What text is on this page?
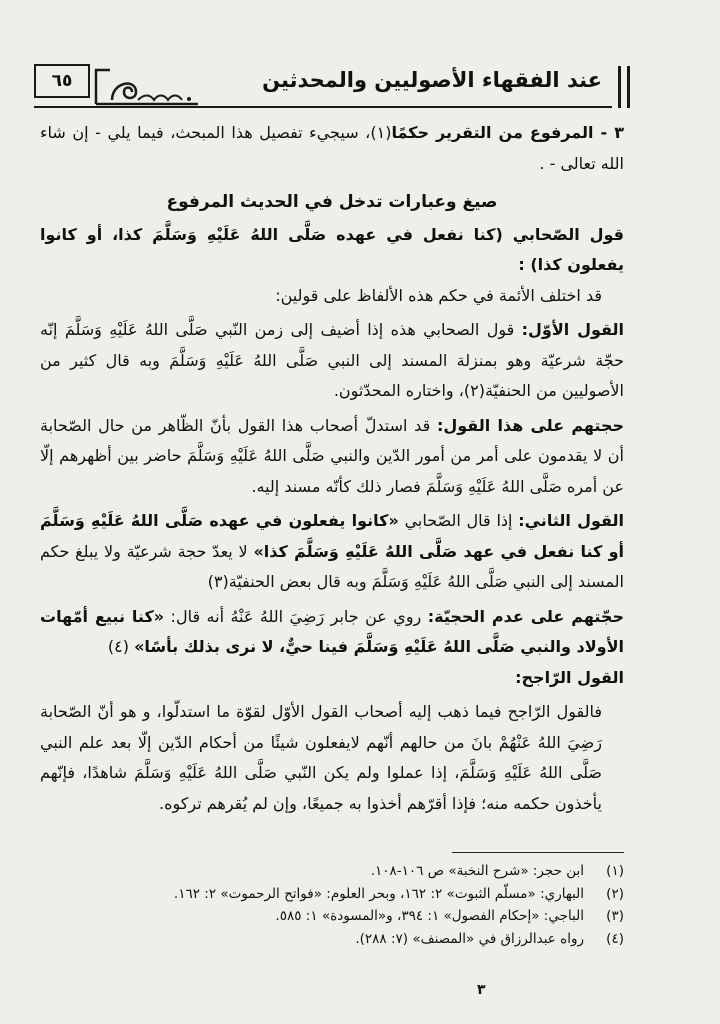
٦٥	عند الفقهاء الأصوليين والمحدثين

٣ - المرفوع من التقرير حكمًا(١)، سيجيء تفصيل هذا المبحث، فيما يلي - إن شاء الله تعالى - .

صيغ وعبارات تدخل في الحديث المرفوع

قول الصّحابي (كنا نفعل في عهده صَلَّى اللهُ عَلَيْهِ وَسَلَّمَ كذا، أو كانوا يفعلون كذا) :

قد اختلف الأئمة في حكم هذه الألفاظ على قولين:

القول الأوّل: قول الصحابي هذه إذا أضيف إلى زمن النّبي صَلَّى اللهُ عَلَيْهِ وَسَلَّمَ إنّه حجّة شرعيّة وهو بمنزلة المسند إلى النبي صَلَّى اللهُ عَلَيْهِ وَسَلَّمَ وبه قال كثير من الأصوليين من الحنفيّة(٢)، واختاره المحدّثون.

حجتهم على هذا القول: قد استدلّ أصحاب هذا القول بأنّ الظّاهر من حال الصّحابة أن لا يقدمون على أمر من أمور الدّين والنبي صَلَّى اللهُ عَلَيْهِ وَسَلَّمَ حاضر بين أظهرهم إلّا عن أمره صَلَّى اللهُ عَلَيْهِ وَسَلَّمَ فصار ذلك كأنّه مسند إليه.

القول الثاني: إذا قال الصّحابي «كانوا يفعلون في عهده صَلَّى اللهُ عَلَيْهِ وَسَلَّمَ أو كنا نفعل في عهد صَلَّى اللهُ عَلَيْهِ وَسَلَّمَ كذا» لا يعدّ حجة شرعيّة ولا يبلغ حكم المسند إلى النبي صَلَّى اللهُ عَلَيْهِ وَسَلَّمَ وبه قال بعض الحنفيّة(٣)

حجّتهم على عدم الحجيّة: روي عن جابر رَضِيَ اللهُ عَنْهُ أنه قال: «كنا نبيع أمّهات الأولاد والنبي صَلَّى اللهُ عَلَيْهِ وَسَلَّمَ فينا حيٌّ، لا نرى بذلك بأسًا» (٤)

القول الرّاجح:

فالقول الرّاجح فيما ذهب إليه أصحاب القول الأوّل لقوّة ما استدلّوا، و هو أنّ الصّحابة رَضِيَ اللهُ عَنْهُمْ بانَ من حالهم أنّهم لايفعلون شيئًا من أحكام الدّين إلّا بعد علم النبي صَلَّى اللهُ عَلَيْهِ وَسَلَّمَ، إذا عملوا ولم يكن النّبي صَلَّى اللهُ عَلَيْهِ وَسَلَّمَ شاهدًا، فإنّهم يأخذون حكمه منه؛ فإذا أقرّهم أخذوا به جميعًا، وإن لم يُقرهم تركوه.

(١)
ابن حجر: «شرح النخبة» ص ١٠٦-١٠٨.
(٢)
البهاري: «مسلّم الثبوت» ٢: ١٦٢، وبحر العلوم: «فواتح الرحموت» ٢: ١٦٢.
(٣)
الباجي: «إحكام الفصول» ١: ٣٩٤، و«المسودة» ١: ٥٨٥.
(٤)
رواه عبدالرزاق في «المصنف» (٧: ٢٨٨).
٣
